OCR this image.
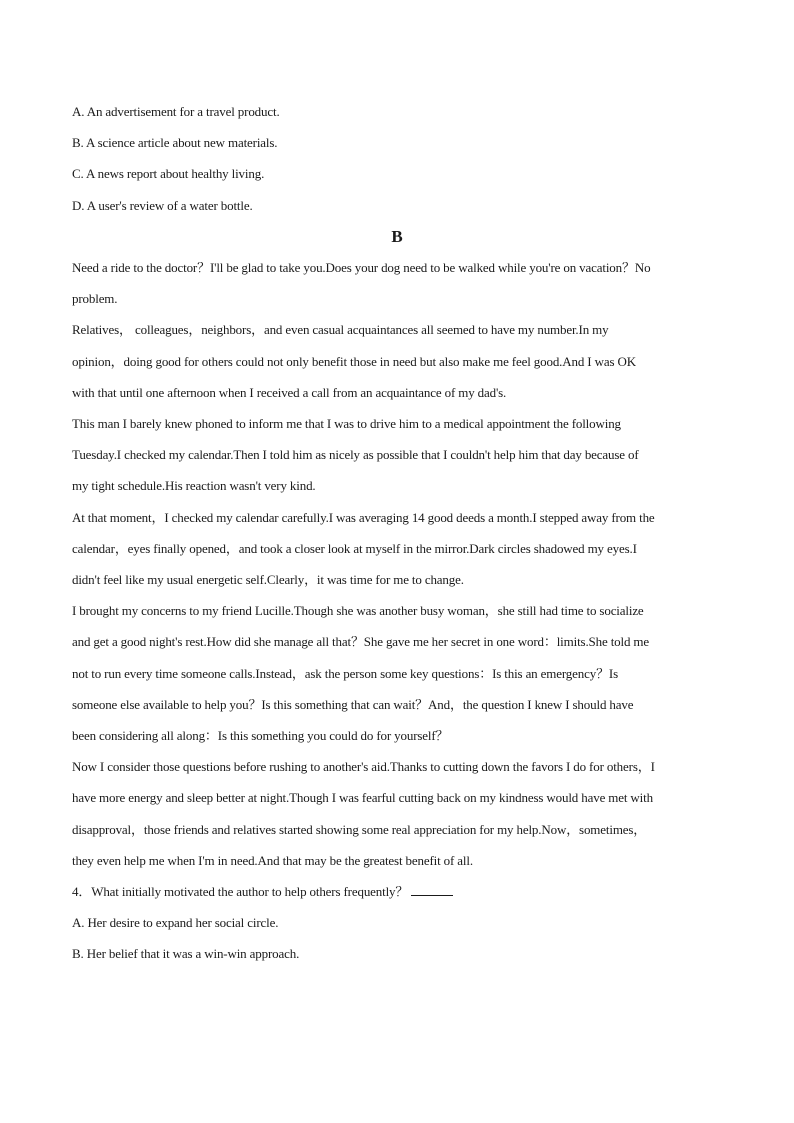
A. An advertisement for a travel product.
B. A science article about new materials.
C. A news report about healthy living.
D. A user's review of a water bottle.
B
Need a ride to the doctor？I'll be glad to take you.Does your dog need to be walked while you're on vacation？No
problem.
Relatives， colleagues，neighbors，and even casual acquaintances all seemed to have my number.In my
opinion，doing good for others could not only benefit those in need but also make me feel good.And I was OK
with that until one afternoon when I received a call from an acquaintance of my dad's.
This man I barely knew phoned to inform me that I was to drive him to a medical appointment the following
Tuesday.I checked my calendar.Then I told him as nicely as possible that I couldn't help him that day because of
my tight schedule.His reaction wasn't very kind.
At that moment，I checked my calendar carefully.I was averaging 14 good deeds a month.I stepped away from the
calendar，eyes finally opened，and took a closer look at myself in the mirror.Dark circles shadowed my eyes.I
didn't feel like my usual energetic self.Clearly，it was time for me to change.
I brought my concerns to my friend Lucille.Though she was another busy woman，she still had time to socialize
and get a good night's rest.How did she manage all that？She gave me her secret in one word：limits.She told me
not to run every time someone calls.Instead，ask the person some key questions：Is this an emergency？Is
someone else available to help you？Is this something that can wait？And，the question I knew I should have
been considering all along：Is this something you could do for yourself？
Now I consider those questions before rushing to another's aid.Thanks to cutting down the favors I do for others，I
have more energy and sleep better at night.Though I was fearful cutting back on my kindness would have met with
disapproval，those friends and relatives started showing some real appreciation for my help.Now，sometimes，
they even help me when I'm in need.And that may be the greatest benefit of all.
4．What initially motivated the author to help others frequently？
A. Her desire to expand her social circle.
B. Her belief that it was a win-win approach.
